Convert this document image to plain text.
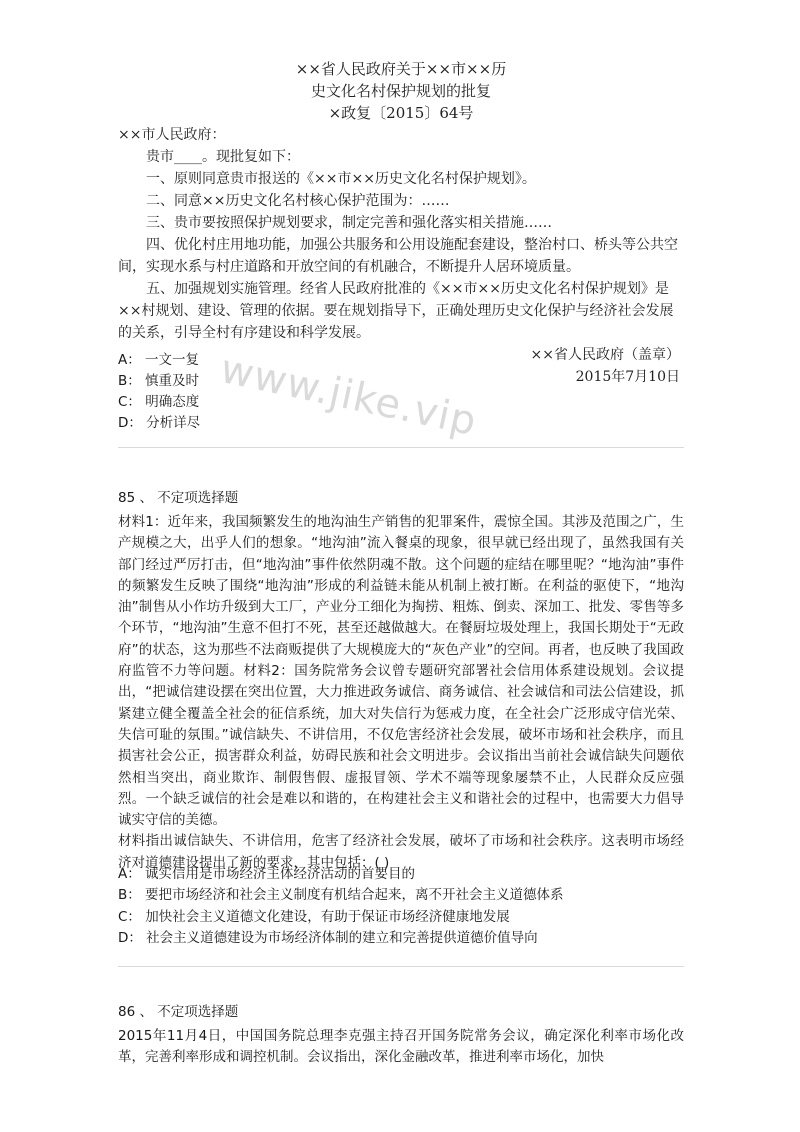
××省人民政府关于××市××历

史文化名村保护规划的批复

×政复〔2015〕64号

××市人民政府：

贵市____。现批复如下：

一、原则同意贵市报送的《××市××历史文化名村保护规划》。

二、同意××历史文化名村核心保护范围为：……

三、贵市要按照保护规划要求，制定完善和强化落实相关措施……

四、优化村庄用地功能，加强公共服务和公用设施配套建设，整治村口、桥头等公共空间，实现水系与村庄道路和开放空间的有机融合，不断提升人居环境质量。

五、加强规划实施管理。经省人民政府批准的《××市××历史文化名村保护规划》是××村规划、建设、管理的依据。要在规划指导下，正确处理历史文化保护与经济社会发展的关系，引导全村有序建设和科学发展。

××省人民政府（盖章）

2015年7月10日

A： 一文一复
B： 慎重及时
C： 明确态度
D： 分析详尽 www.jike.vip
85 、 不定项选择题

材料1：近年来，我国频繁发生的地沟油生产销售的犯罪案件，震惊全国。其涉及范围之广，生产规模之大，出乎人们的想象。“地沟油”流入餐桌的现象，很早就已经出现了，虽然我国有关部门经过严厉打击，但“地沟油”事件依然阴魂不散。这个问题的症结在哪里呢？“地沟油”事件的频繁发生反映了围绕“地沟油”形成的利益链未能从机制上被打断。在利益的驱使下，“地沟油”制售从小作坊升级到大工厂，产业分工细化为掏捞、粗炼、倒卖、深加工、批发、零售等多个环节，“地沟油”生意不但打不死，甚至还越做越大。在餐厨垃圾处理上，我国长期处于“无政府”的状态，这为那些不法商贩提供了大规模庞大的“灰色产业”的空间。再者，也反映了我国政府监管不力等问题。材料2：国务院常务会议曾专题研究部署社会信用体系建设规划。会议提出，“把诚信建设摆在突出位置，大力推进政务诚信、商务诚信、社会诚信和司法公信建设，抓紧建立健全覆盖全社会的征信系统，加大对失信行为惩戒力度，在全社会广泛形成守信光荣、失信可耻的氛围。”诚信缺失、不讲信用，不仅危害经济社会发展，破坏市场和社会秩序，而且损害社会公正，损害群众利益，妨碍民族和社会文明进步。会议指出当前社会诚信缺失问题依然相当突出，商业欺诈、制假售假、虚报冒领、学术不端等现象屡禁不止，人民群众反应强烈。一个缺乏诚信的社会是难以和谐的，在构建社会主义和谐社会的过程中，也需要大力倡导诚实守信的美德。

材料指出诚信缺失、不讲信用，危害了经济社会发展，破坏了市场和社会秩序。这表明市场经济对道德建设提出了新的要求，其中包括：( )

A： 诚实信用是市场经济主体经济活动的首要目的
B： 要把市场经济和社会主义制度有机结合起来，离不开社会主义道德体系
C： 加快社会主义道德文化建设，有助于保证市场经济健康地发展
D： 社会主义道德建设为市场经济体制的建立和完善提供道德价值导向
86 、 不定项选择题

2015年11月4日，中国国务院总理李克强主持召开国务院常务会议，确定深化利率市场化改革，完善利率形成和调控机制。会议指出，深化金融改革，推进利率市场化，加快
